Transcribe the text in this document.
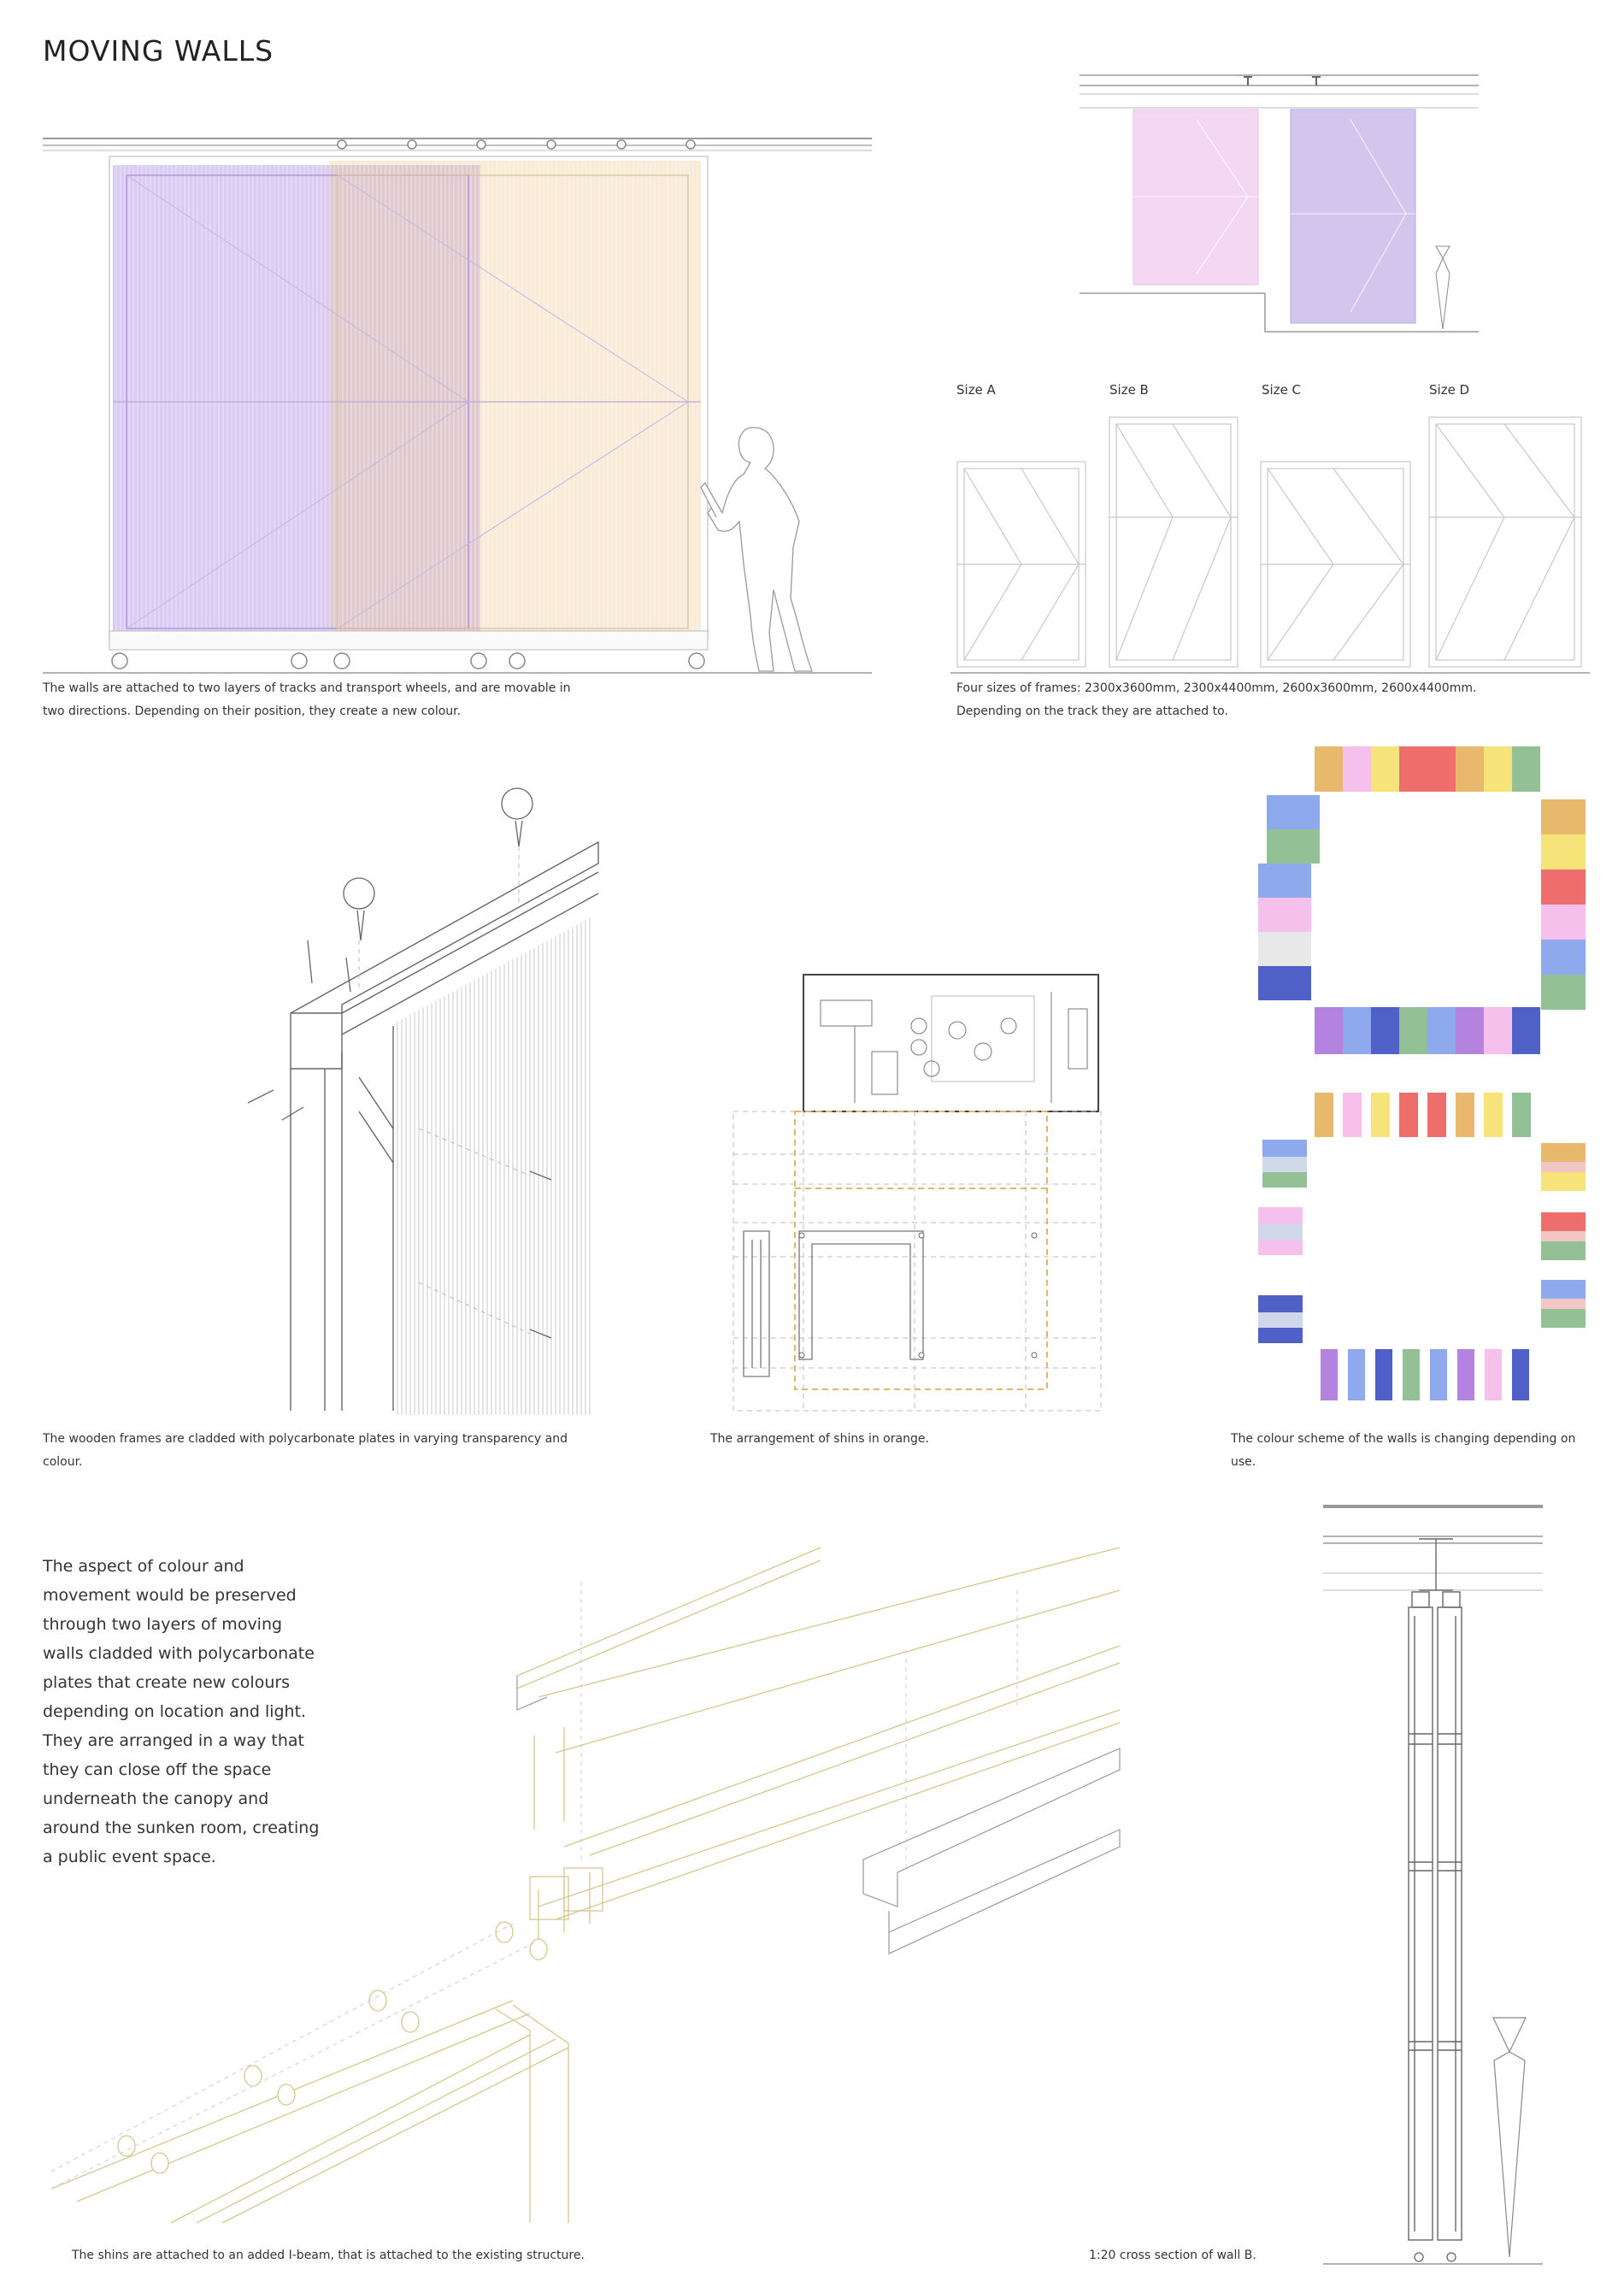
MOVING WALLS
The walls are attached to two layers of tracks and transport wheels, and are movable in two directions. Depending on their position, they create a new colour.
Size A	Size B	Size C	Size D
Four sizes of frames: 2300x3600mm, 2300x4400mm, 2600x3600mm, 2600x4400mm. Depending on the track they are attached to.
The wooden frames are cladded with polycarbonate plates in varying transparency and colour.
The arrangement of shins in orange.	The colour scheme of the walls is changing depending on use.
The aspect of colour and movement would be preserved through two layers of moving walls cladded with polycarbonate plates that create new colours depending on location and light. They are arranged in a way that they can close off the space underneath the canopy and around the sunken room, creating a public event space.
The shins are attached to an added I-beam, that is attached to the existing structure.	1:20 cross section of wall B.
